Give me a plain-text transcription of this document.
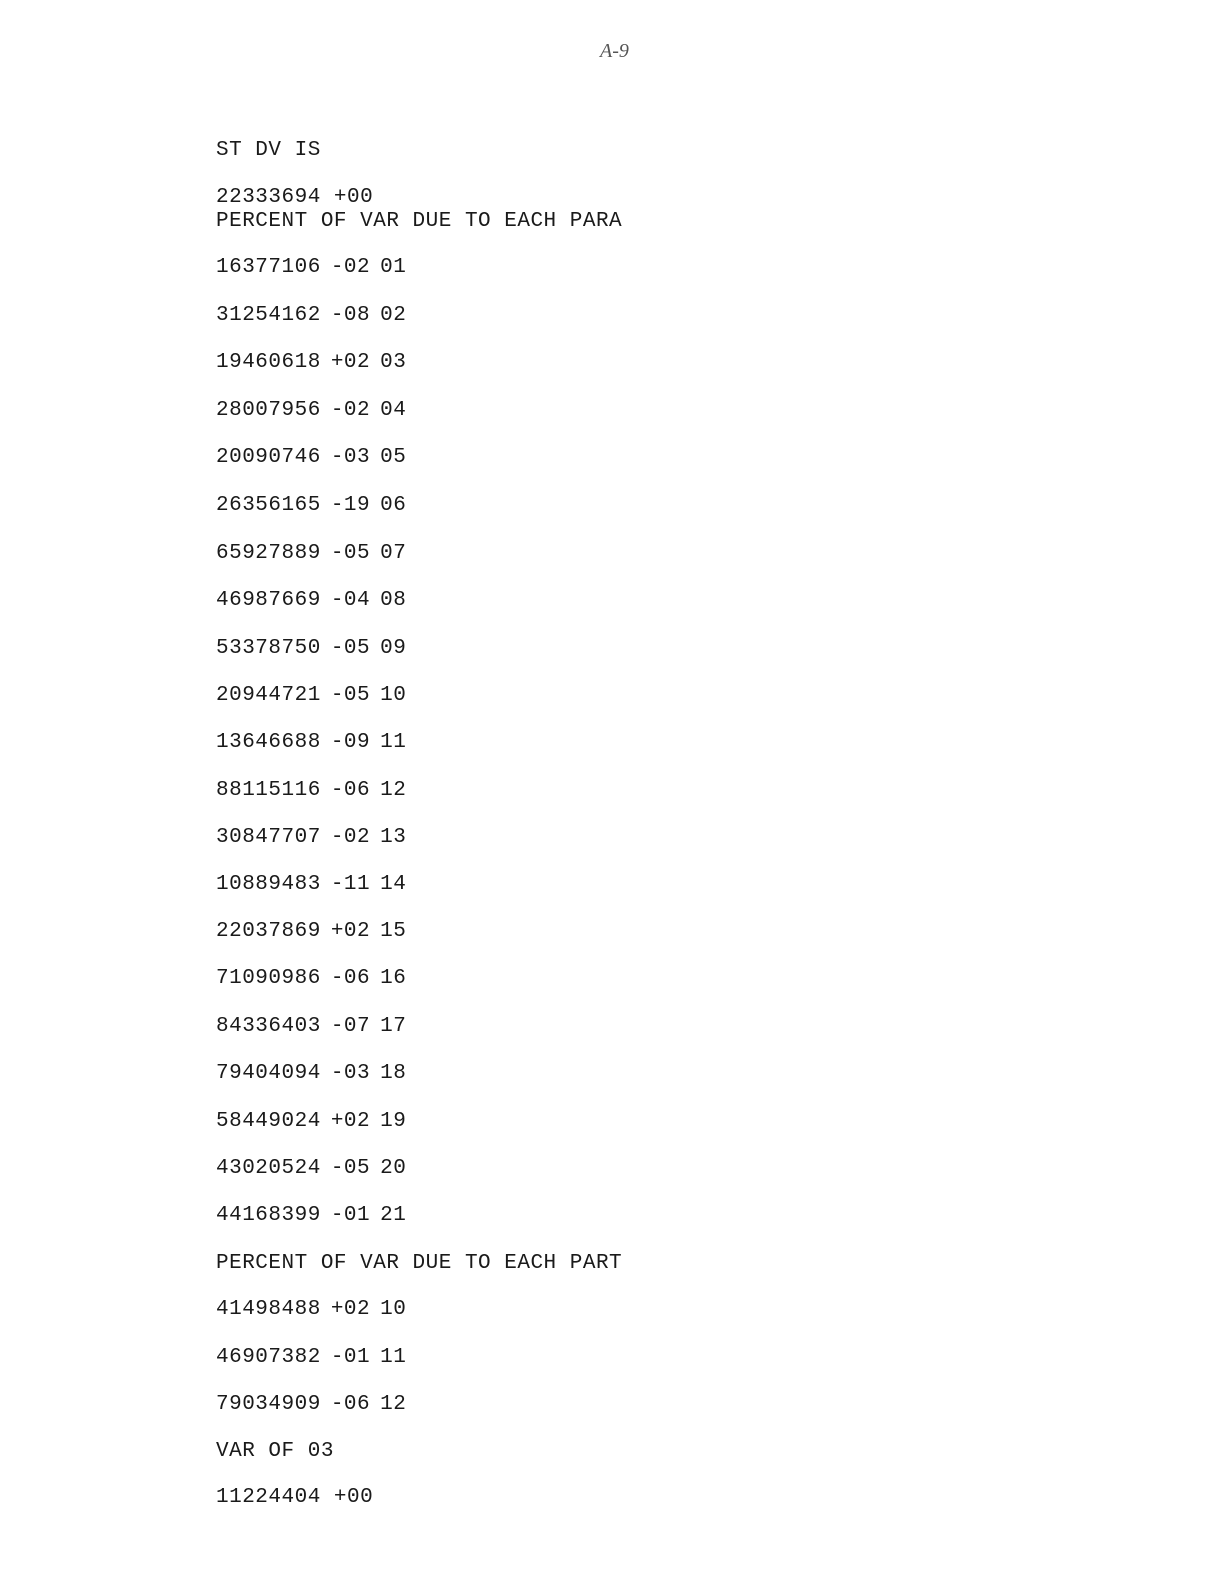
A-9
ST DV IS
22333694 +00
PERCENT OF VAR DUE TO EACH PARA
16377106 -02 01
31254162 -08 02
19460618 +02 03
28007956 -02 04
20090746 -03 05
26356165 -19 06
65927889 -05 07
46987669 -04 08
53378750 -05 09
20944721 -05 10
13646688 -09 11
88115116 -06 12
30847707 -02 13
10889483 -11 14
22037869 +02 15
71090986 -06 16
84336403 -07 17
79404094 -03 18
58449024 +02 19
43020524 -05 20
44168399 -01 21
PERCENT OF VAR DUE TO EACH PART
41498488 +02 10
46907382 -01 11
79034909 -06 12
VAR OF 03
11224404 +00
